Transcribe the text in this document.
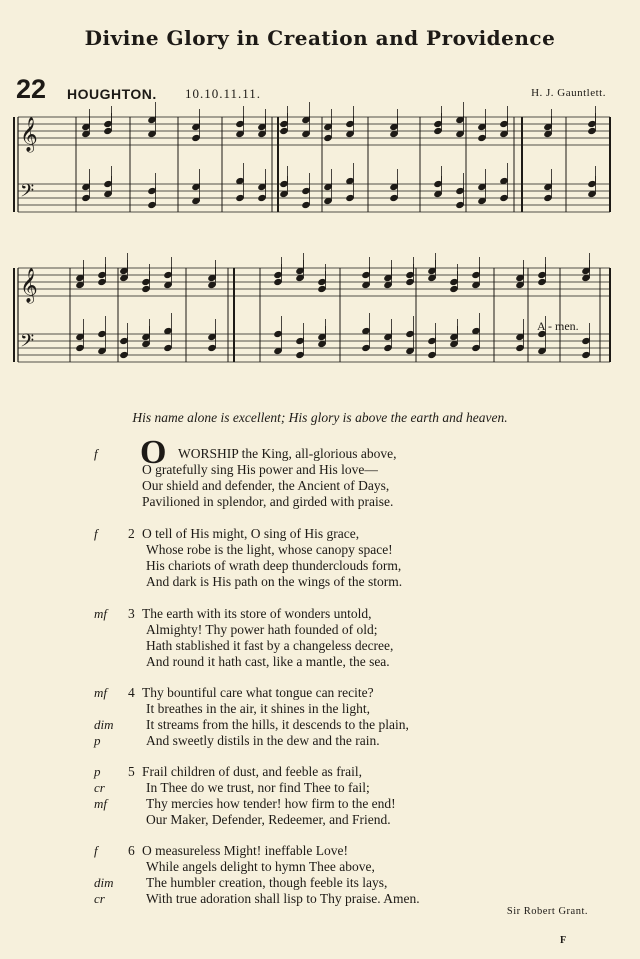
Divine Glory in Creation and Providence
22 HOUGHTON. 10.10.11.11.	H. J. Gauntlett.
𝄞
𝄢
𝄞
𝄢
A - men.
His name alone is excellent; His glory is above the earth and heaven.
O
f	WORSHIP the King, all-glorious above,
O gratefully sing His power and His love—
Our shield and defender, the Ancient of Days,
Pavilioned in splendor, and girded with praise.
2
f	O tell of His might, O sing of His grace,
Whose robe is the light, whose canopy space!
His chariots of wrath deep thunderclouds form,
And dark is His path on the wings of the storm.
3
mf	The earth with its store of wonders untold,
Almighty! Thy power hath founded of old;
Hath stablished it fast by a changeless decree,
And round it hath cast, like a mantle, the sea.
4
mf	Thy bountiful care what tongue can recite?
It breathes in the air, it shines in the light,
dim It streams from the hills, it descends to the plain,
p	And sweetly distils in the dew and the rain.
5
p	Frail children of dust, and feeble as frail,
cr	In Thee do we trust, nor find Thee to fail;
mf	Thy mercies how tender! how firm to the end!
Our Maker, Defender, Redeemer, and Friend.
6
f	O measureless Might! ineffable Love!
While angels delight to hymn Thee above,
dim The humbler creation, though feeble its lays,
cr	With true adoration shall lisp to Thy praise. Amen.
Sir Robert Grant.
F
